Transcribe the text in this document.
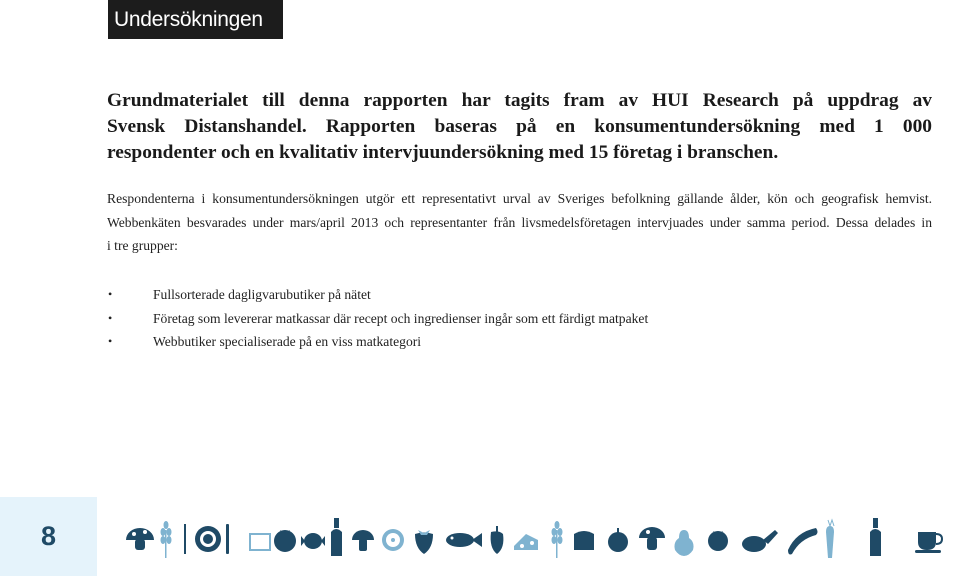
Undersökningen
Grundmaterialet till denna rapporten har tagits fram av HUI Research på uppdrag av
Svensk Distanshandel. Rapporten baseras på en konsumentundersökning med 1 000
respondenter och en kvalitativ intervjuundersökning med 15 företag i branschen.
Respondenterna i konsumentundersökningen utgör ett representativt urval av Sveriges befolkning gällande ålder, kön och geografisk hemvist.
Webbenkäten besvarades under mars/april 2013 och representanter från livsmedelsföretagen intervjuades under samma period. Dessa delades in
i tre grupper:
•	Fullsorterade dagligvarubutiker på nätet
•	Företag som levererar matkassar där recept och ingredienser ingår som ett färdigt matpaket
•	Webbutiker specialiserade på en viss matkategori
8
